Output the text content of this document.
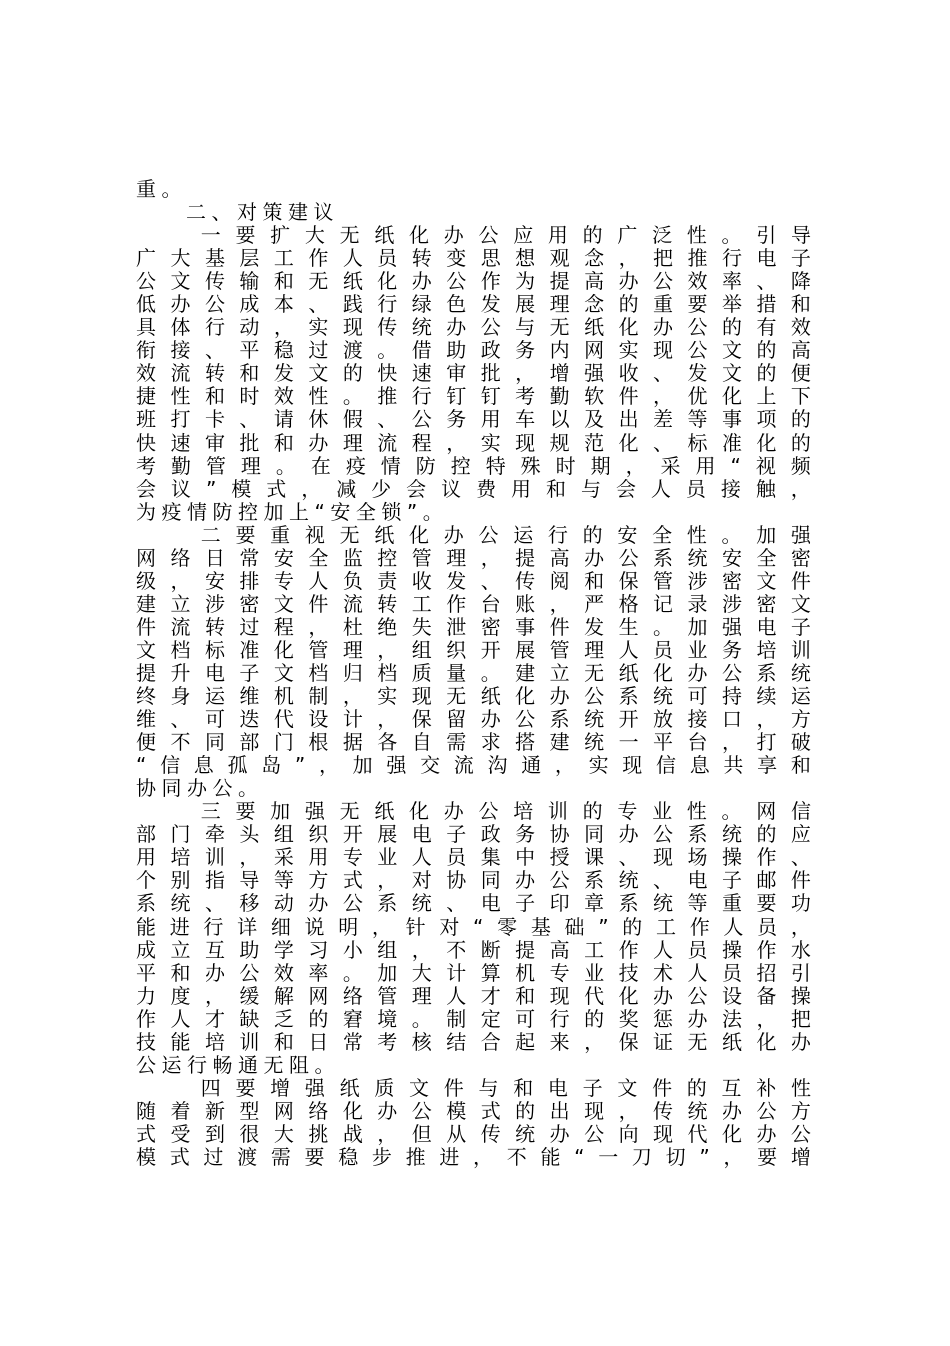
重 。
二 、 对 策 建 议
一 要 扩 大 无 纸 化 办 公 应 用 的 广 泛 性 。 引 导
广 大 基 层 工 作 人 员 转 变 思 想 观 念 ， 把 推 行 电 子
公 文 传 输 和 无 纸 化 办 公 作 为 提 高 办 公 效 率 、 降
低 办 公 成 本 、 践 行 绿 色 发 展 理 念 的 重 要 举 措 和
具 体 行 动 ， 实 现 传 统 办 公 与 无 纸 化 办 公 的 有 效
衔 接 、 平 稳 过 渡 。 借 助 政 务 内 网 实 现 公 文 的 高
效 流 转 和 发 文 的 快 速 审 批 ， 增 强 收 、 发 文 的 便
捷 性 和 时 效 性 。 推 行 钉 钉 考 勤 软 件 ， 优 化 上 下
班 打 卡 、 请 休 假 、 公 务 用 车 以 及 出 差 等 事 项 的
快 速 审 批 和 办 理 流 程 ， 实 现 规 范 化 、 标 准 化 的
考 勤 管 理 。 在 疫 情 防 控 特 殊 时 期 ， 采 用 “ 视 频
会 议 ” 模 式 ， 减 少 会 议 费 用 和 与 会 人 员 接 触 ，
为 疫 情 防 控 加 上 “ 安 全 锁 ” 。
二 要 重 视 无 纸 化 办 公 运 行 的 安 全 性 。 加 强
网 络 日 常 安 全 监 控 管 理 ， 提 高 办 公 系 统 安 全 密
级 ， 安 排 专 人 负 责 收 发 、 传 阅 和 保 管 涉 密 文 件
建 立 涉 密 文 件 流 转 工 作 台 账 ， 严 格 记 录 涉 密 文
件 流 转 过 程 ， 杜 绝 失 泄 密 事 件 发 生 。 加 强 电 子
文 档 标 准 化 管 理 ， 组 织 开 展 管 理 人 员 业 务 培 训
提 升 电 子 文 档 归 档 质 量 。 建 立 无 纸 化 办 公 系 统
终 身 运 维 机 制 ， 实 现 无 纸 化 办 公 系 统 可 持 续 运
维 、 可 迭 代 设 计 ， 保 留 办 公 系 统 开 放 接 口 ， 方
便 不 同 部 门 根 据 各 自 需 求 搭 建 统 一 平 台 ， 打 破
“ 信 息 孤 岛 ” ， 加 强 交 流 沟 通 ， 实 现 信 息 共 享 和
协 同 办 公 。
三 要 加 强 无 纸 化 办 公 培 训 的 专 业 性 。 网 信
部 门 牵 头 组 织 开 展 电 子 政 务 协 同 办 公 系 统 的 应
用 培 训 ， 采 用 专 业 人 员 集 中 授 课 、 现 场 操 作 、
个 别 指 导 等 方 式 ， 对 协 同 办 公 系 统 、 电 子 邮 件
系 统 、 移 动 办 公 系 统 、 电 子 印 章 系 统 等 重 要 功
能 进 行 详 细 说 明 ， 针 对 “ 零 基 础 ” 的 工 作 人 员 ，
成 立 互 助 学 习 小 组 ， 不 断 提 高 工 作 人 员 操 作 水
平 和 办 公 效 率 。 加 大 计 算 机 专 业 技 术 人 员 招 引
力 度 ， 缓 解 网 络 管 理 人 才 和 现 代 化 办 公 设 备 操
作 人 才 缺 乏 的 窘 境 。 制 定 可 行 的 奖 惩 办 法 ， 把
技 能 培 训 和 日 常 考 核 结 合 起 来 ， 保 证 无 纸 化 办
公 运 行 畅 通 无 阻 。
四 要 增 强 纸 质 文 件 与 和 电 子 文 件 的 互 补 性
随 着 新 型 网 络 化 办 公 模 式 的 出 现 ， 传 统 办 公 方
式 受 到 很 大 挑 战 ， 但 从 传 统 办 公 向 现 代 化 办 公
模 式 过 渡 需 要 稳 步 推 进 ， 不 能 “ 一 刀 切 ” ， 要 增
